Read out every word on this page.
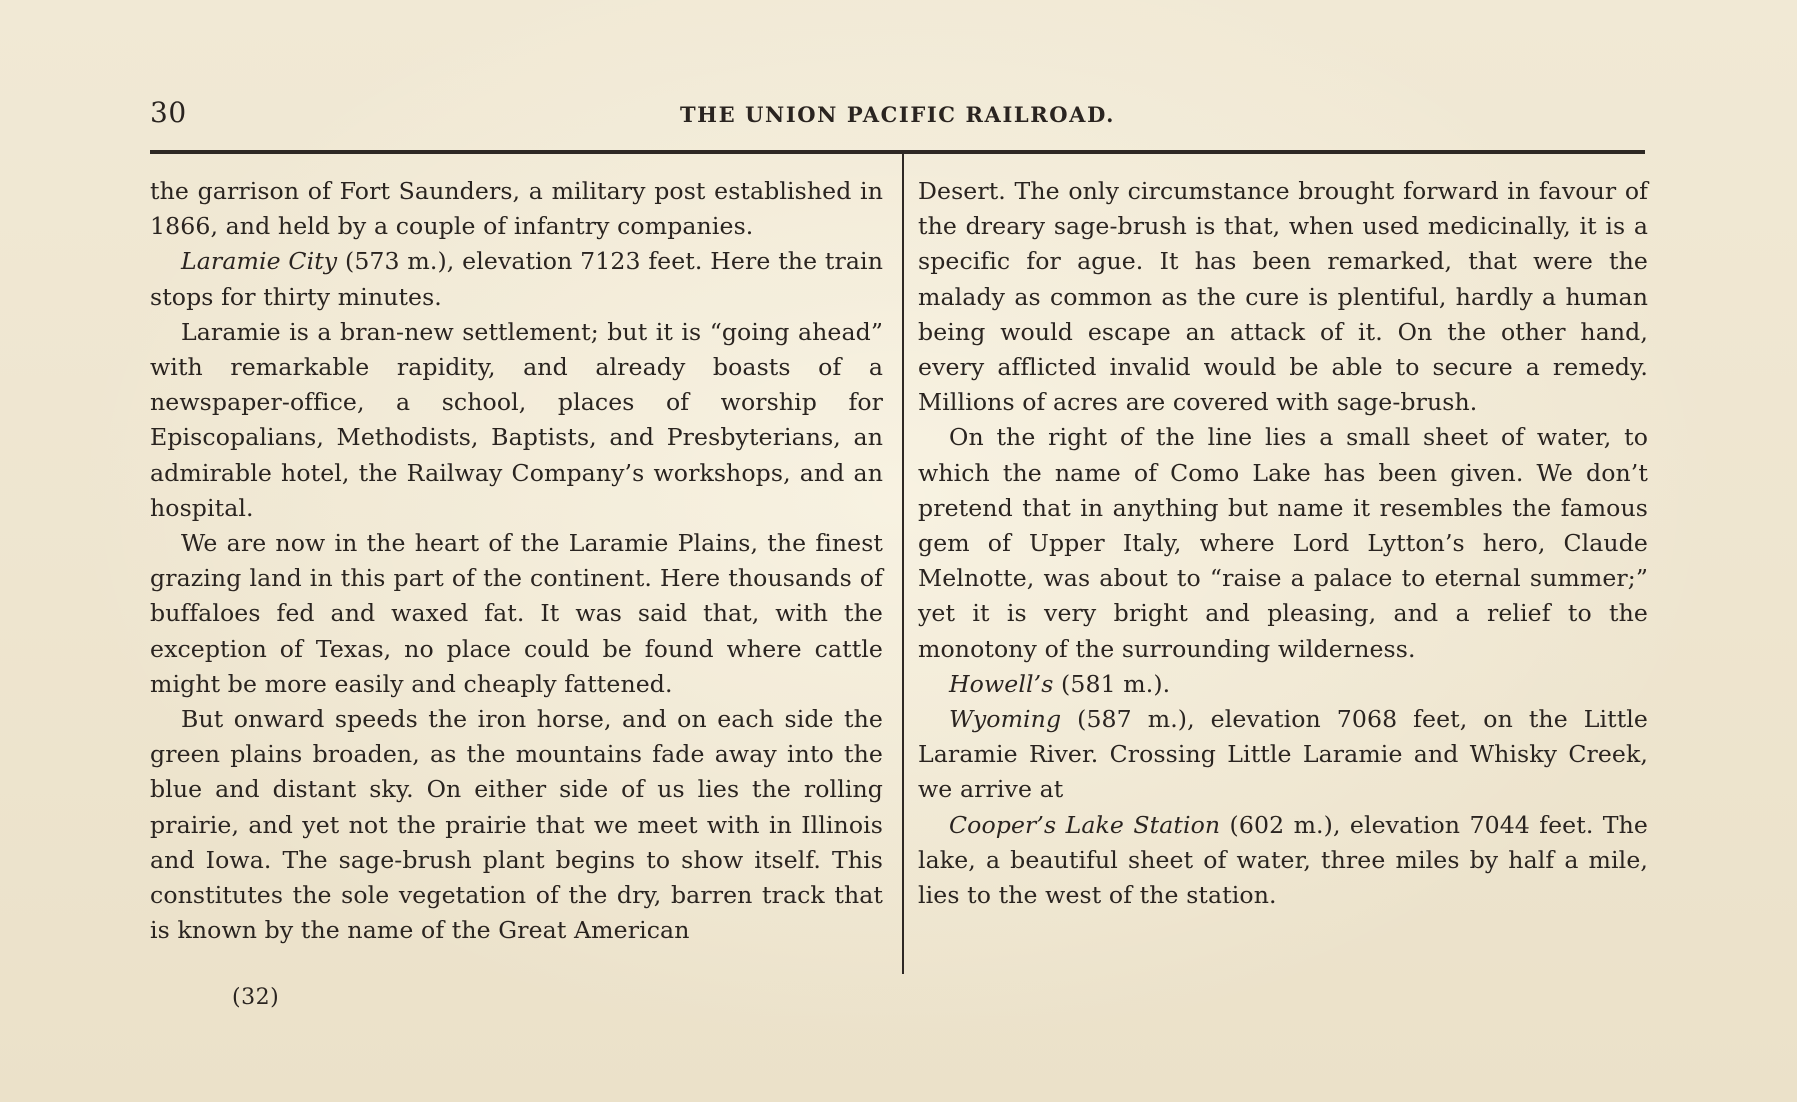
30	THE UNION PACIFIC RAILROAD.

the garrison of Fort Saunders, a military post established in 1866, and held by a couple of infantry companies.

Laramie City (573 m.), elevation 7123 feet. Here the train stops for thirty minutes.

Laramie is a bran-new settlement; but it is “going ahead” with remarkable rapidity, and already boasts of a newspaper-office, a school, places of worship for Episcopalians, Methodists, Baptists, and Presbyterians, an admirable hotel, the Railway Company’s workshops, and an hospital.

We are now in the heart of the Laramie Plains, the finest grazing land in this part of the continent. Here thousands of buffaloes fed and waxed fat. It was said that, with the exception of Texas, no place could be found where cattle might be more easily and cheaply fattened.

But onward speeds the iron horse, and on each side the green plains broaden, as the mountains fade away into the blue and distant sky. On either side of us lies the rolling prairie, and yet not the prairie that we meet with in Illinois and Iowa. The sage-brush plant begins to show itself. This constitutes the sole vegetation of the dry, barren track that is known by the name of the Great American

Desert. The only circumstance brought forward in favour of the dreary sage-brush is that, when used medicinally, it is a specific for ague. It has been remarked, that were the malady as common as the cure is plentiful, hardly a human being would escape an attack of it. On the other hand, every afflicted invalid would be able to secure a remedy. Millions of acres are covered with sage-brush.

On the right of the line lies a small sheet of water, to which the name of Como Lake has been given. We don’t pretend that in anything but name it resembles the famous gem of Upper Italy, where Lord Lytton’s hero, Claude Melnotte, was about to “raise a palace to eternal summer;” yet it is very bright and pleasing, and a relief to the monotony of the surrounding wilderness.

Howell’s (581 m.).

Wyoming (587 m.), elevation 7068 feet, on the Little Laramie River. Crossing Little Laramie and Whisky Creek, we arrive at

Cooper’s Lake Station (602 m.), elevation 7044 feet. The lake, a beautiful sheet of water, three miles by half a mile, lies to the west of the station.

(32)
